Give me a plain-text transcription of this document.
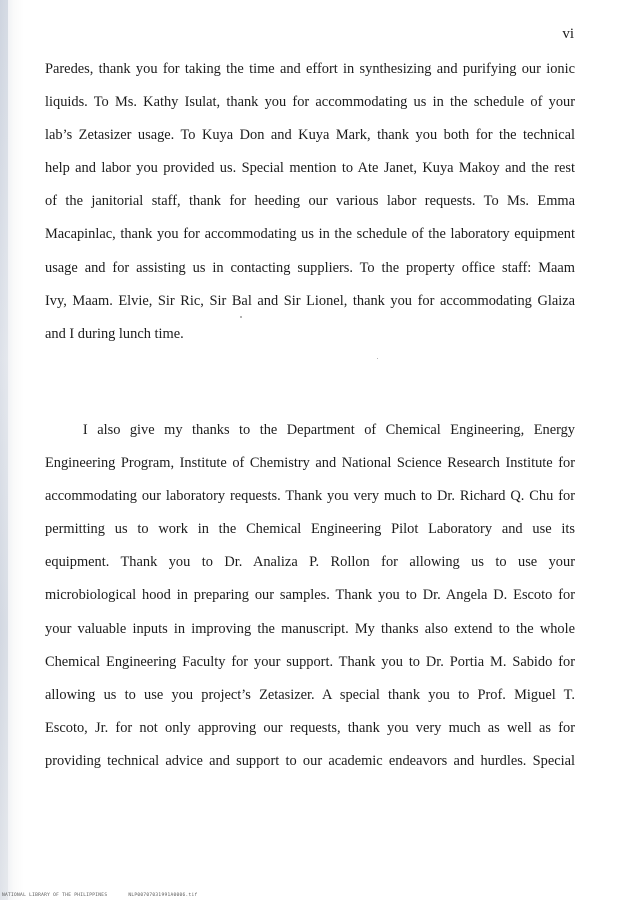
vi
Paredes, thank you for taking the time and effort in synthesizing and purifying our ionic
liquids. To Ms. Kathy Isulat, thank you for accommodating us in the schedule of your
lab’s Zetasizer usage. To Kuya Don and Kuya Mark, thank you both for the technical
help and labor you provided us. Special mention to Ate Janet, Kuya Makoy and the rest
of the janitorial staff, thank for heeding our various labor requests. To Ms. Emma
Macapinlac, thank you for accommodating us in the schedule of the laboratory equipment
usage and for assisting us in contacting suppliers. To the property office staff: Maam
Ivy, Maam. Elvie, Sir Ric, Sir Bal and Sir Lionel, thank you for accommodating Glaiza
and I during lunch time.
I also give my thanks to the Department of Chemical Engineering, Energy
Engineering Program, Institute of Chemistry and National Science Research Institute for
accommodating our laboratory requests. Thank you very much to Dr. Richard Q. Chu for
permitting us to work in the Chemical Engineering Pilot Laboratory and use its
equipment. Thank you to Dr. Analiza P. Rollon for allowing us to use your
microbiological hood in preparing our samples. Thank you to Dr. Angela D. Escoto for
your valuable inputs in improving the manuscript. My thanks also extend to the whole
Chemical Engineering Faculty for your support. Thank you to Dr. Portia M. Sabido for
allowing us to use you project’s Zetasizer. A special thank you to Prof. Miguel T.
Escoto, Jr. for not only approving our requests, thank you very much as well as for
providing technical advice and support to our academic endeavors and hurdles. Special
NATIONAL LIBRARY OF THE PHILIPPINES	NLP00707031991A0006.tif
